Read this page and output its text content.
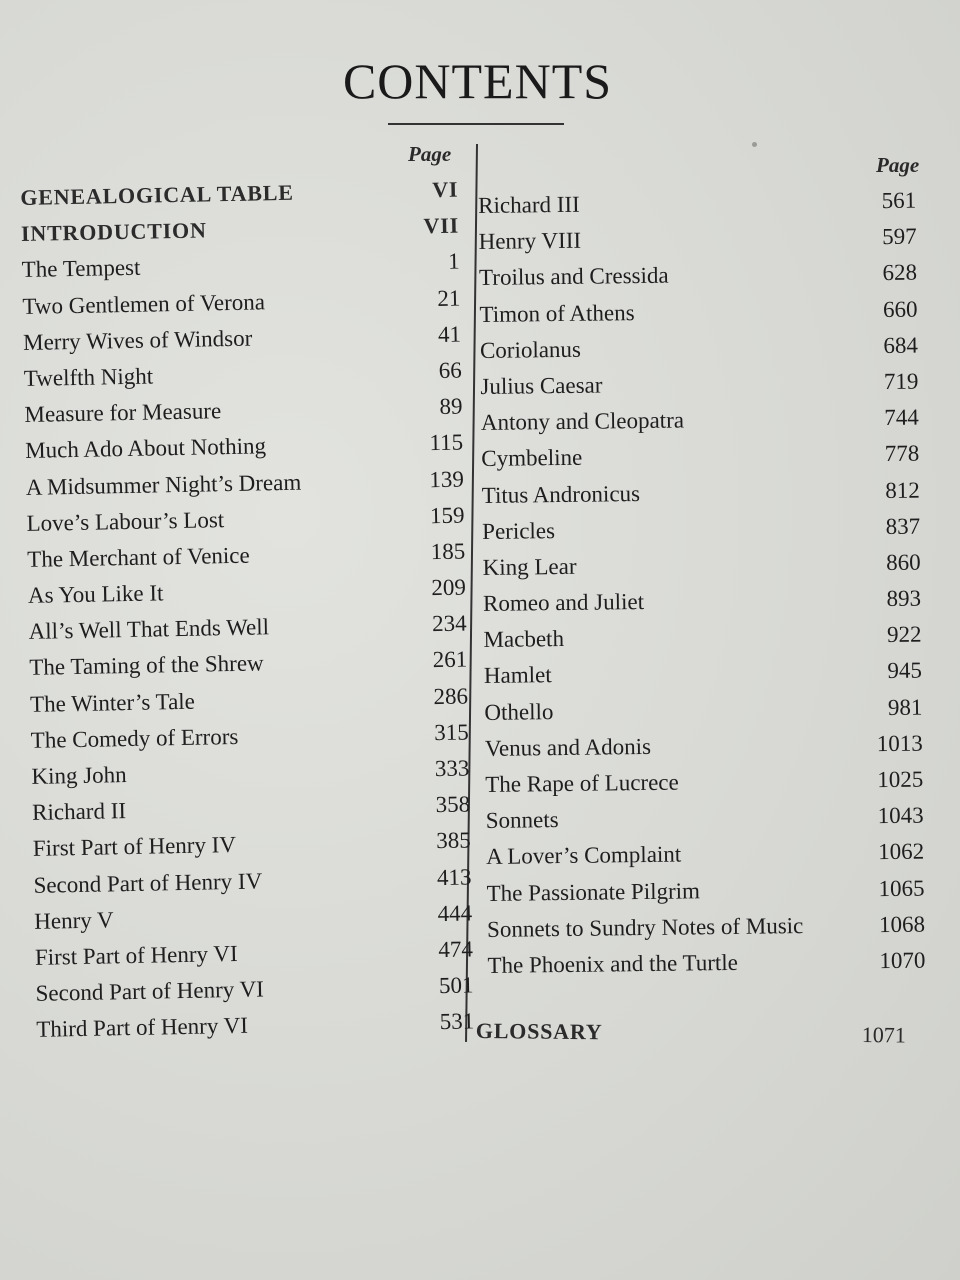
CONTENTS
Page	Page
GENEALOGICAL TABLE	VI
INTRODUCTION	VII
The Tempest	1
Two Gentlemen of Verona	21
Merry Wives of Windsor	41
Twelfth Night	66
Measure for Measure	89
Much Ado About Nothing	115
A Midsummer Night’s Dream	139
Love’s Labour’s Lost	159
The Merchant of Venice	185
As You Like It	209
All’s Well That Ends Well	234
The Taming of the Shrew	261
The Winter’s Tale	286
The Comedy of Errors	315
King John	333
Richard II	358
First Part of Henry IV	385
Second Part of Henry IV	413
Henry V	444
First Part of Henry VI	474
Second Part of Henry VI	501
Third Part of Henry VI	531
Richard III	561
Henry VIII	597
Troilus and Cressida	628
Timon of Athens	660
Coriolanus	684
Julius Caesar	719
Antony and Cleopatra	744
Cymbeline	778
Titus Andronicus	812
Pericles	837
King Lear	860
Romeo and Juliet	893
Macbeth	922
Hamlet	945
Othello	981
Venus and Adonis	1013
The Rape of Lucrece	1025
Sonnets	1043
A Lover’s Complaint	1062
The Passionate Pilgrim	1065
Sonnets to Sundry Notes of Music	1068
The Phoenix and the Turtle	1070
GLOSSARY	1071
